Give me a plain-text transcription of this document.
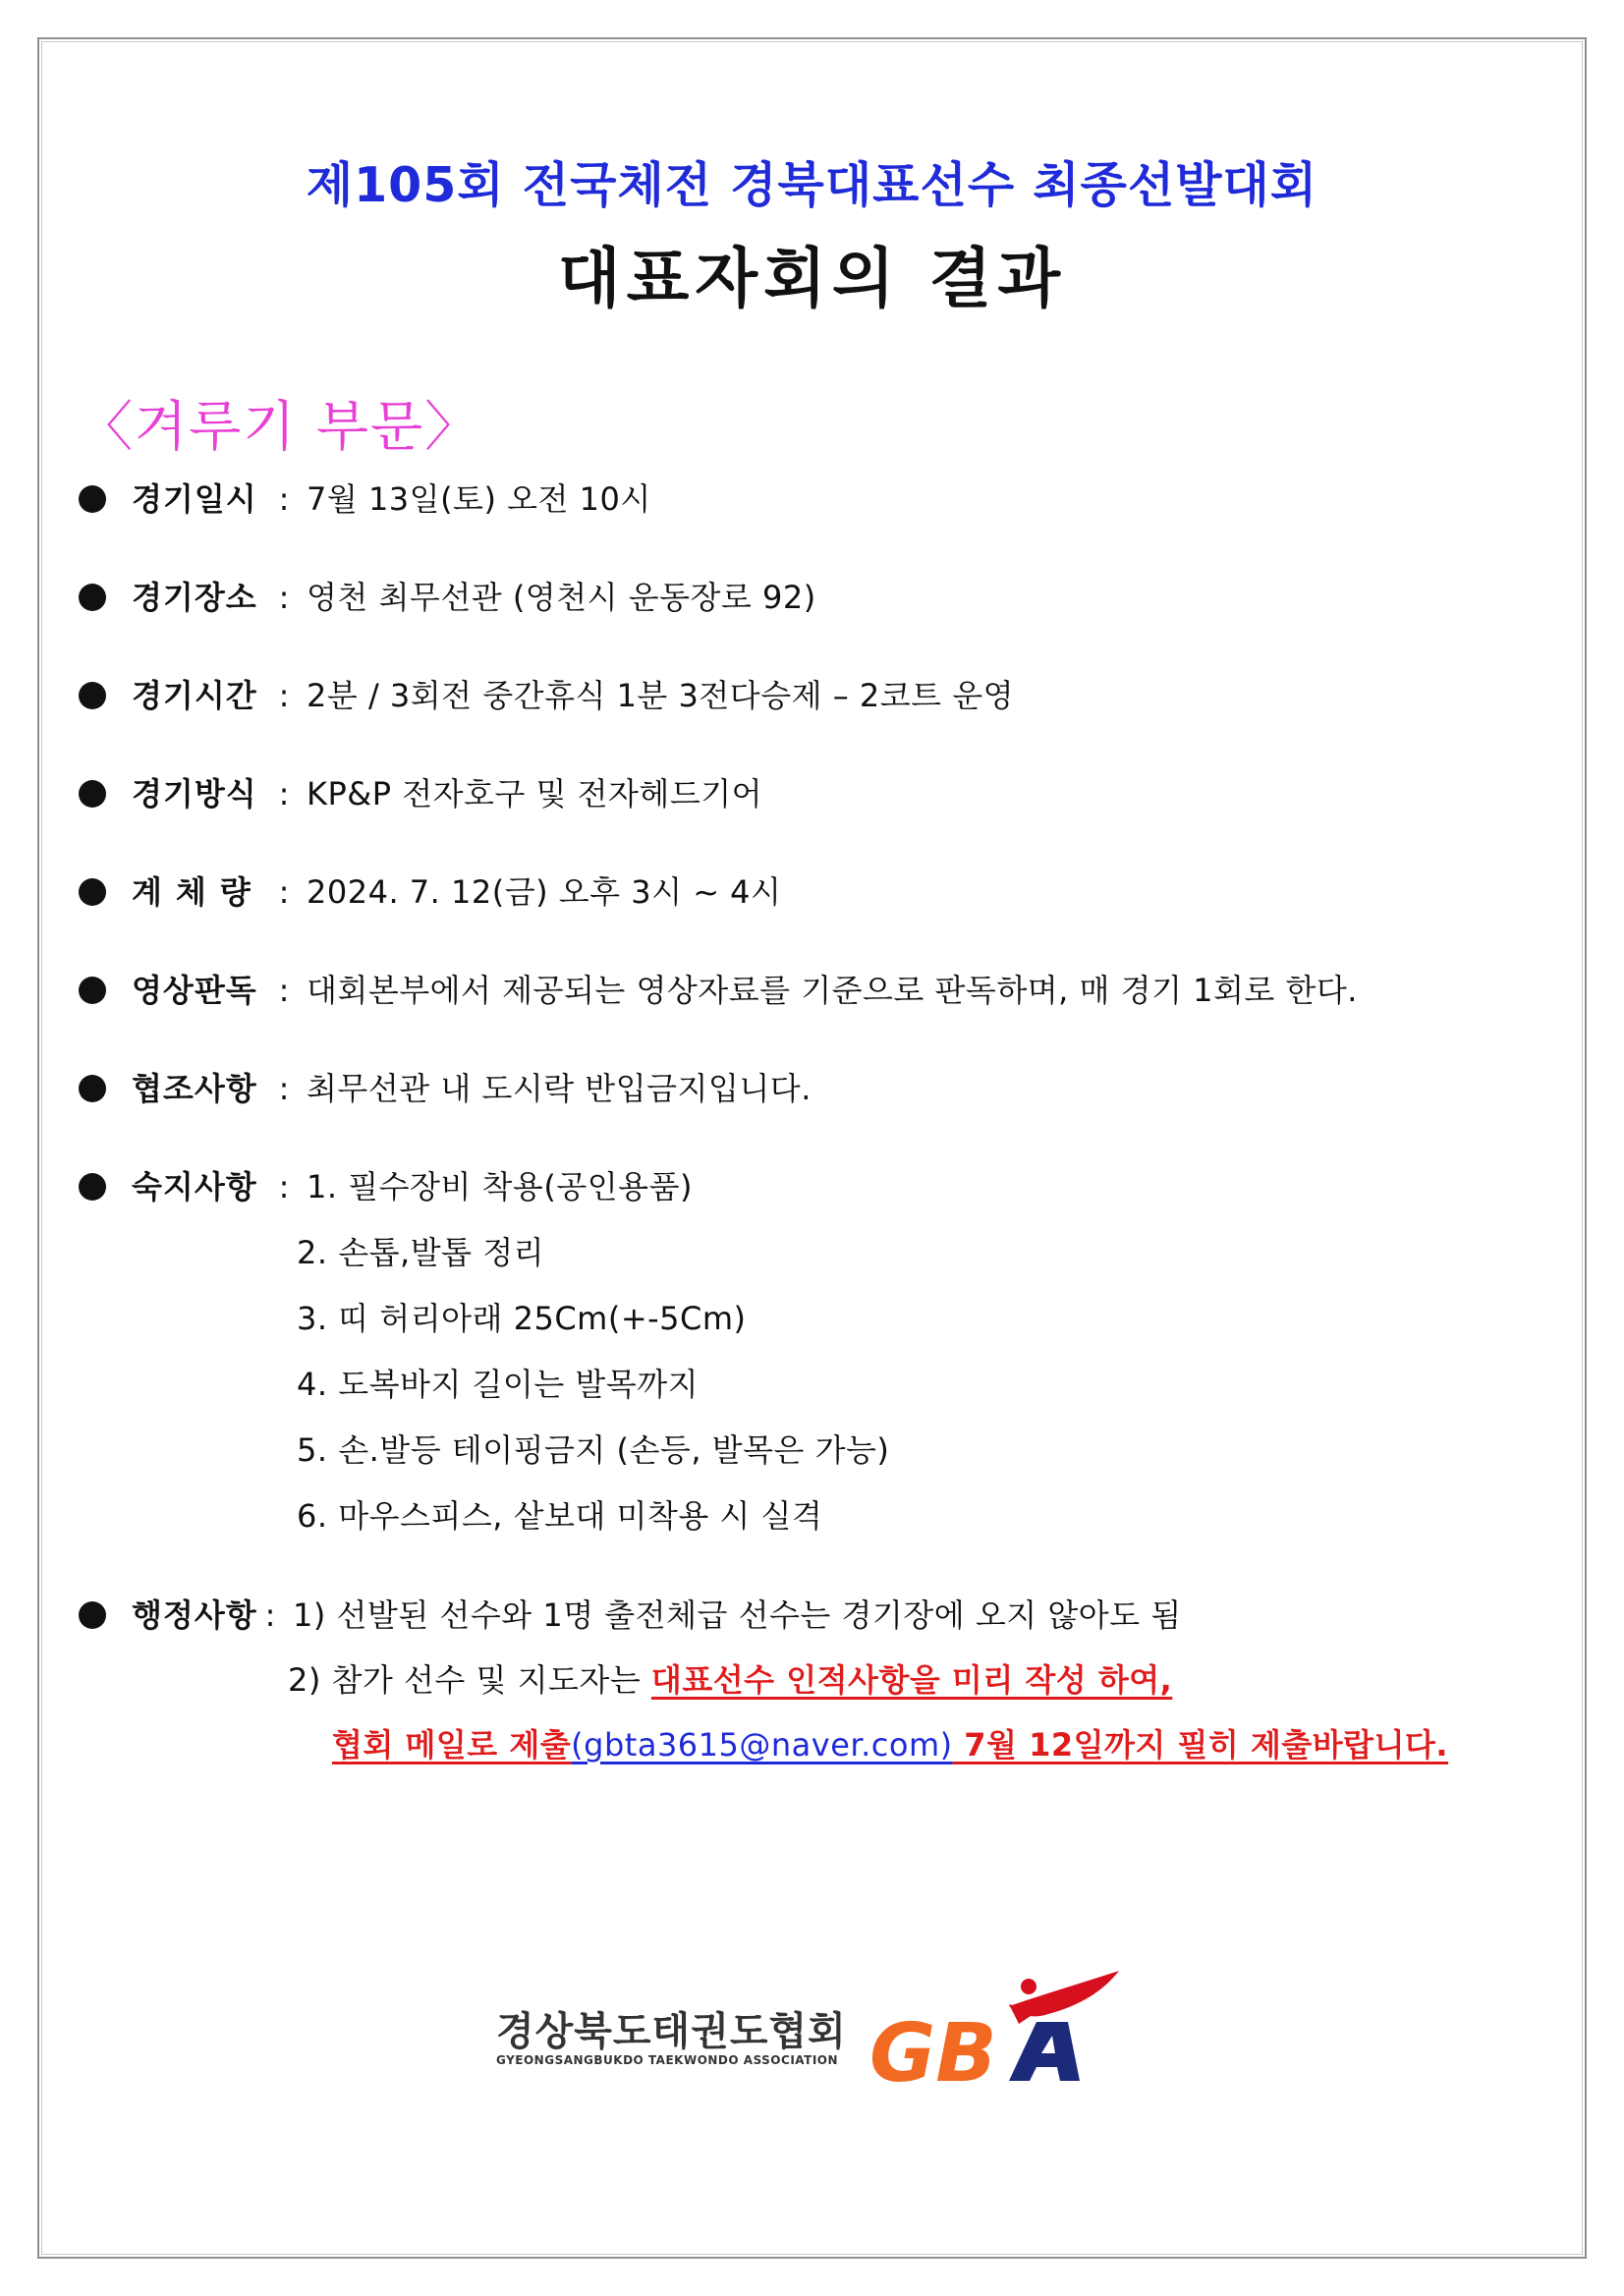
제105회 전국체전 경북대표선수 최종선발대회
대표자회의 결과
〈겨루기 부문〉
경기일시 : 7월 13일(토) 오전 10시
경기장소 : 영천 최무선관 (영천시 운동장로 92)
경기시간 : 2분 / 3회전 중간휴식 1분 3전다승제 – 2코트 운영
경기방식 : KP&P 전자호구 및 전자헤드기어
계체량 : 2024. 7. 12(금) 오후 3시 ~ 4시
영상판독 : 대회본부에서 제공되는 영상자료를 기준으로 판독하며, 매 경기 1회로 한다.
협조사항 : 최무선관 내 도시락 반입금지입니다.
숙지사항 : 1. 필수장비 착용(공인용품)
2. 손톱,발톱 정리
3. 띠 허리아래 25Cm(+-5Cm)
4. 도복바지 길이는 발목까지
5. 손.발등 테이핑금지 (손등, 발목은 가능)
6. 마우스피스, 샅보대 미착용 시 실격
행정사항 : 1) 선발된 선수와 1명 출전체급 선수는 경기장에 오지 않아도 됨
2) 참가 선수 및 지도자는 대표선수 인적사항을 미리 작성 하여,
협회 메일로 제출(gbta3615@naver.com) 7월 12일까지 필히 제출바랍니다.
경상북도태권도협회
GYEONGSANGBUKDO TAEKWONDO ASSOCIATION GB
